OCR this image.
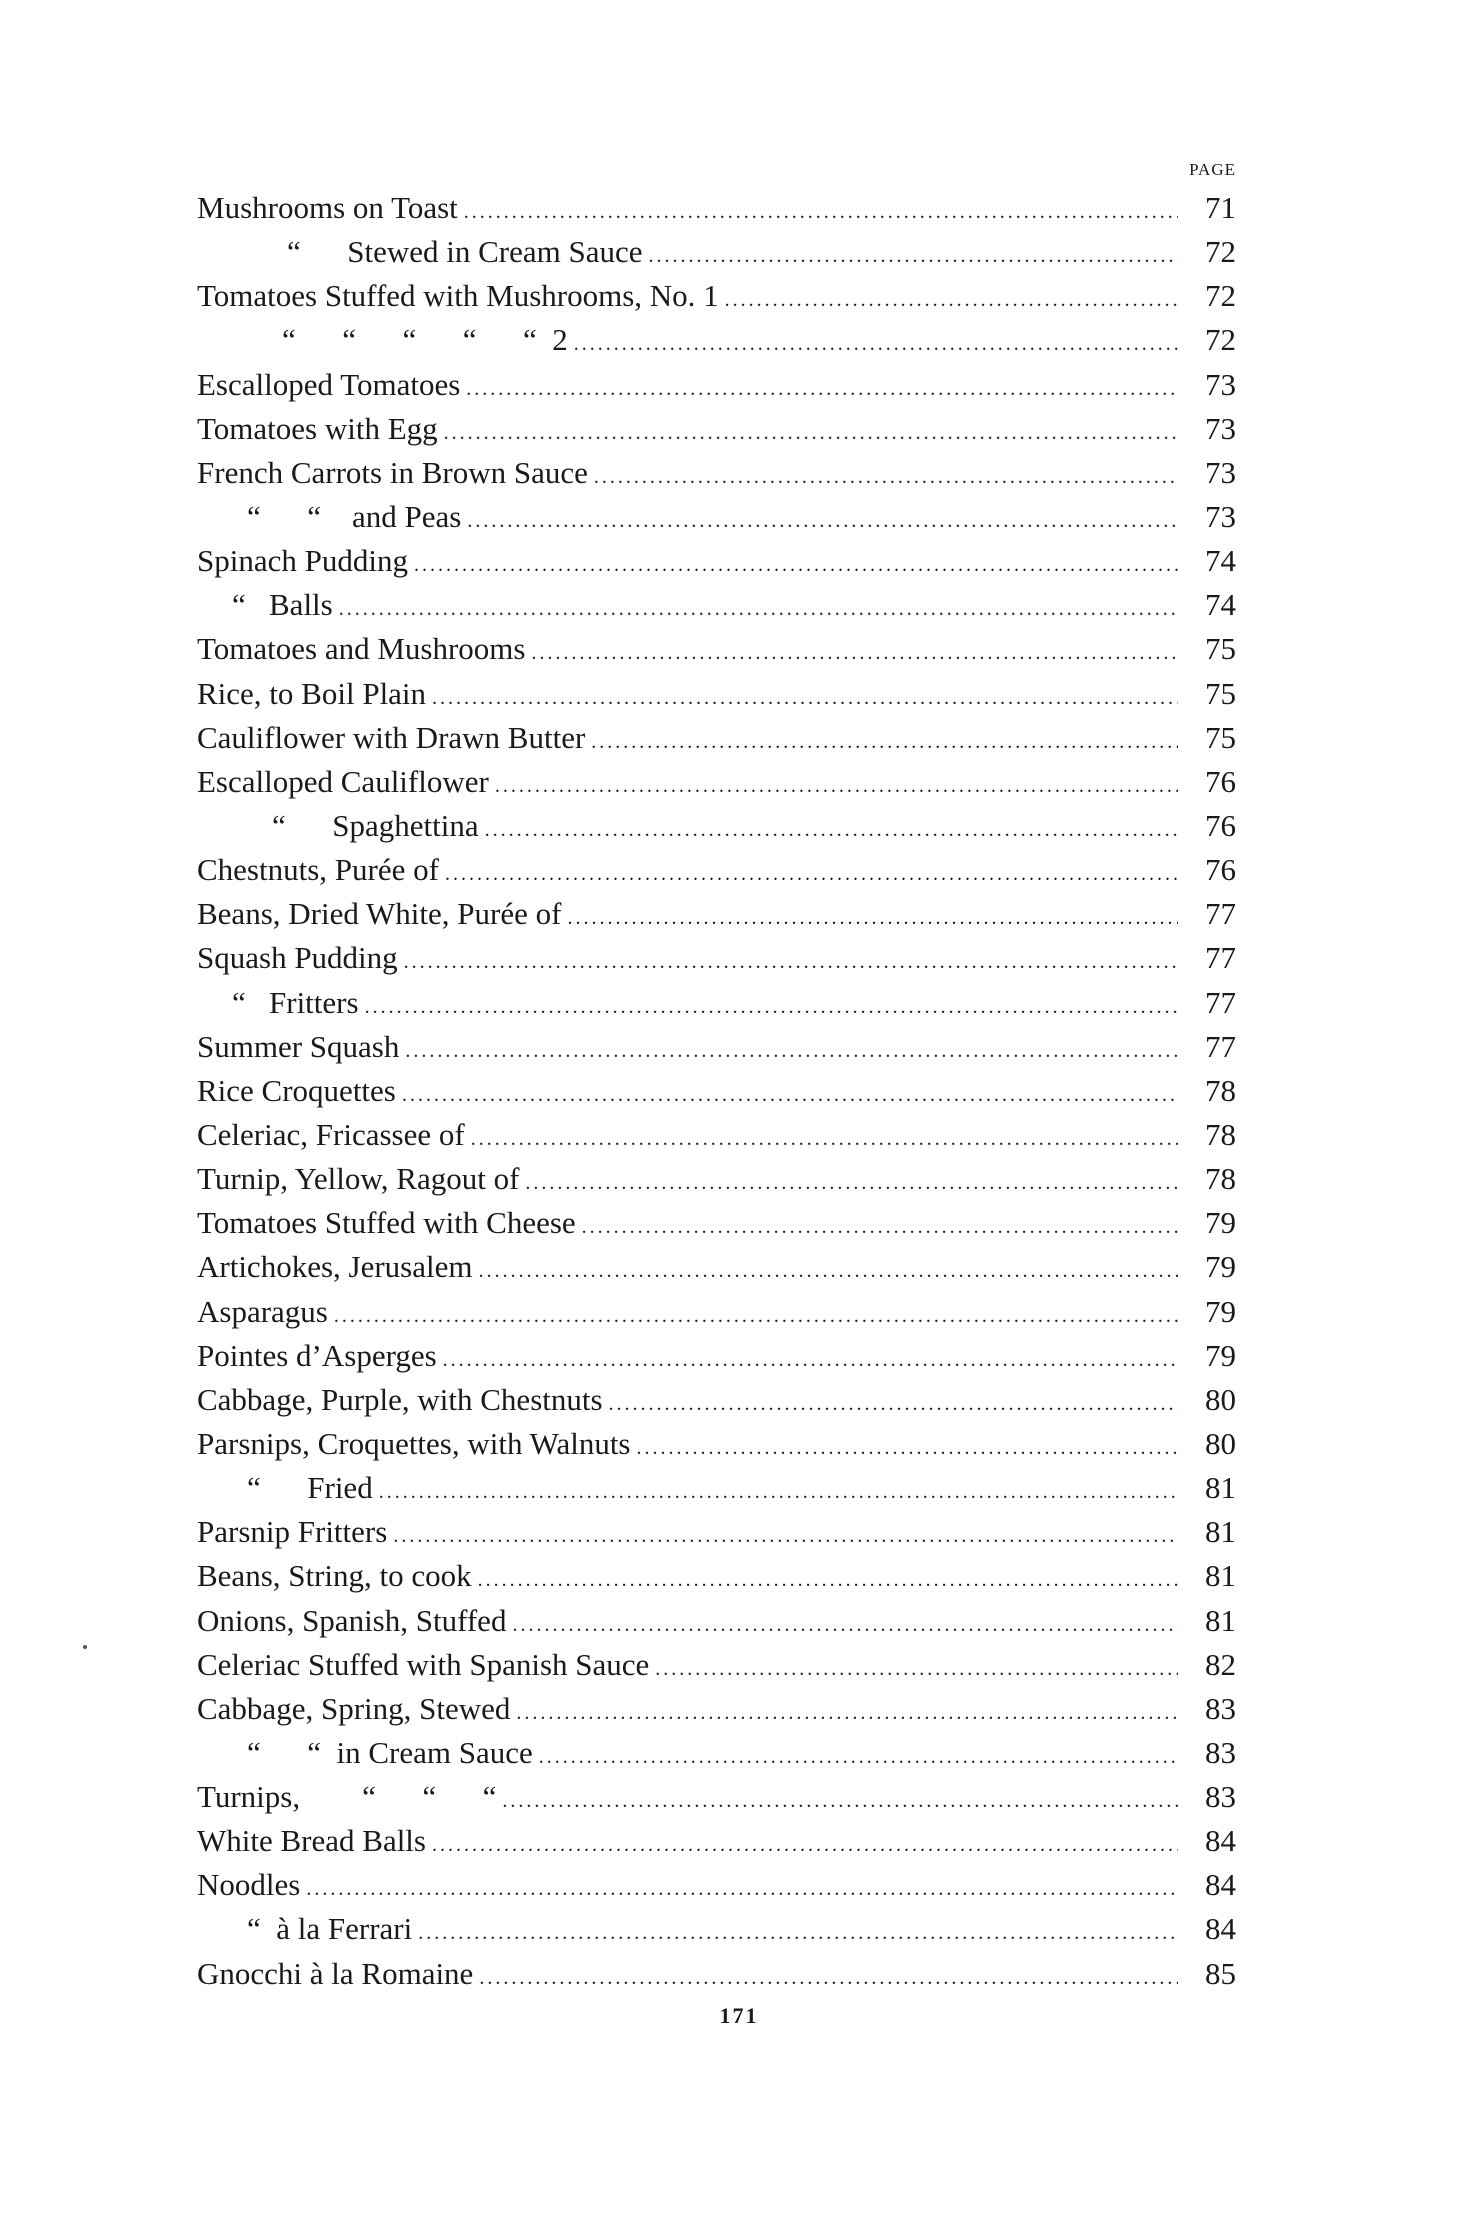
PAGE
Mushrooms on Toast .....	71
“      Stewed in Cream Sauce .....	72
Tomatoes Stuffed with Mushrooms, No. 1 .....	72
“      “      “      “      “  2 .....	72
Escalloped Tomatoes .....	73
Tomatoes with Egg .....	73
French Carrots in Brown Sauce .....	73
“      “    and Peas .....	73
Spinach Pudding .....	74
“   Balls .....	74
Tomatoes and Mushrooms .....	75
Rice, to Boil Plain .....	75
Cauliflower with Drawn Butter .....	75
Escalloped Cauliflower .....	76
“      Spaghettina .....	76
Chestnuts, Purée of .....	76
Beans, Dried White, Purée of .....	77
Squash Pudding .....	77
“   Fritters .....	77
Summer Squash .....	77
Rice Croquettes .....	78
Celeriac, Fricassee of .....	78
Turnip, Yellow, Ragout of .....	78
Tomatoes Stuffed with Cheese .....	79
Artichokes, Jerusalem .....	79
Asparagus .....	79
Pointes d’Asperges .....	79
Cabbage, Purple, with Chestnuts .....	80
Parsnips, Croquettes, with Walnuts .....	80
“      Fried .....	81
Parsnip Fritters .....	81
Beans, String, to cook .....	81
Onions, Spanish, Stuffed .....	81
Celeriac Stuffed with Spanish Sauce .....	82
Cabbage, Spring, Stewed .....	83
“      “  in Cream Sauce .....	83
Turnips,        “      “      “ .....	83
White Bread Balls .....	84
Noodles .....	84
“  à la Ferrari .....	84
Gnocchi à la Romaine .....	85
171
